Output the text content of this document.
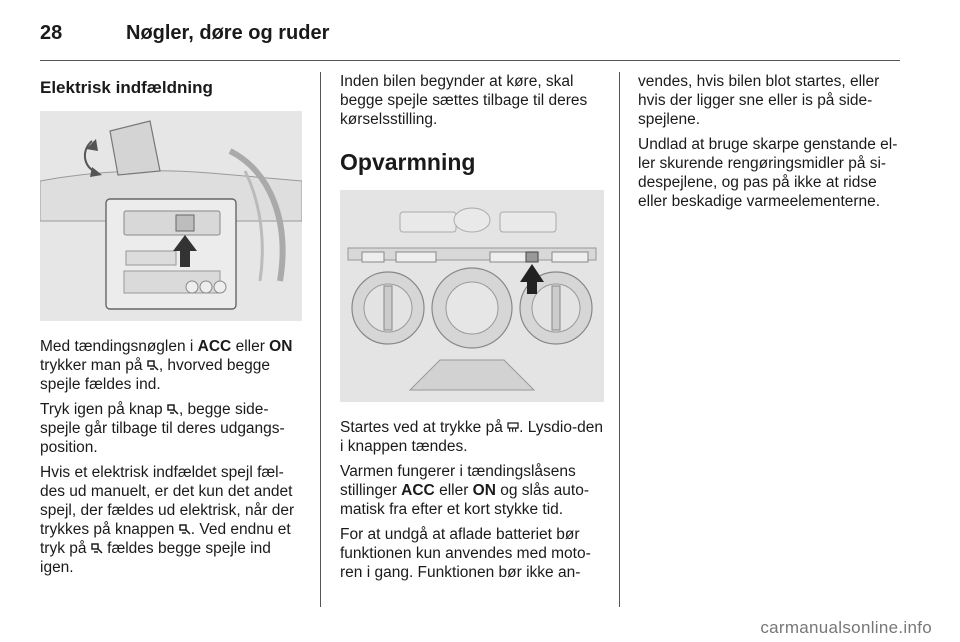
28	Nøgler, døre og ruder
Elektrisk indfældning

Med tændingsnøglen i ACC eller ON trykker man på , hvorved begge spejle fældes ind.

Tryk igen på knap , begge side-spejle går tilbage til deres udgangs-position.

Hvis et elektrisk indfældet spejl fæl-des ud manuelt, er det kun det andet spejl, der fældes ud elektrisk, når der trykkes på knappen . Ved endnu et tryk på  fældes begge spejle ind igen.

Inden bilen begynder at køre, skal begge spejle sættes tilbage til deres kørselsstilling.

Opvarmning

Startes ved at trykke på . Lysdio-den i knappen tændes.

Varmen fungerer i tændingslåsens stillinger ACC eller ON og slås auto-matisk fra efter et kort stykke tid.

For at undgå at aflade batteriet bør funktionen kun anvendes med moto-ren i gang. Funktionen bør ikke an-

vendes, hvis bilen blot startes, eller hvis der ligger sne eller is på side-spejlene.

Undlad at bruge skarpe genstande el-ler skurende rengøringsmidler på si-despejlene, og pas på ikke at ridse eller beskadige varmeelementerne.

carmanualsonline.info
